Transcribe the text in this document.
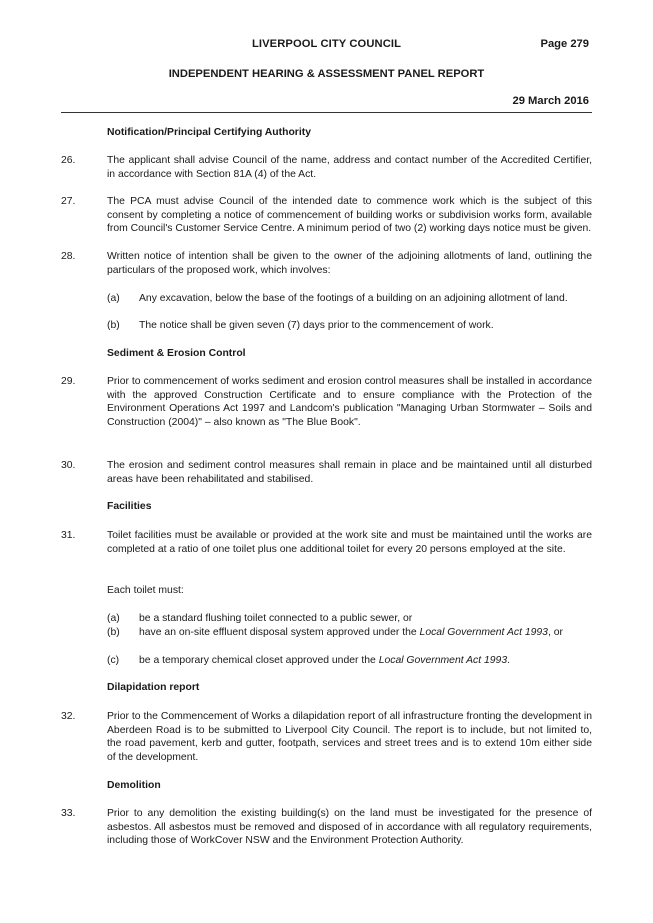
LIVERPOOL CITY COUNCIL	Page 279
INDEPENDENT HEARING & ASSESSMENT PANEL REPORT
29 March 2016
Notification/Principal Certifying Authority
26.	The applicant shall advise Council of the name, address and contact number of the Accredited Certifier, in accordance with Section 81A (4) of the Act.
27.	The PCA must advise Council of the intended date to commence work which is the subject of this consent by completing a notice of commencement of building works or subdivision works form, available from Council's Customer Service Centre. A minimum period of two (2) working days notice must be given.
28.	Written notice of intention shall be given to the owner of the adjoining allotments of land, outlining the particulars of the proposed work, which involves:
(a)	Any excavation, below the base of the footings of a building on an adjoining allotment of land.
(b)	The notice shall be given seven (7) days prior to the commencement of work.
Sediment & Erosion Control
29.	Prior to commencement of works sediment and erosion control measures shall be installed in accordance with the approved Construction Certificate and to ensure compliance with the Protection of the Environment Operations Act 1997 and Landcom's publication "Managing Urban Stormwater – Soils and Construction (2004)" – also known as "The Blue Book".
30.	The erosion and sediment control measures shall remain in place and be maintained until all disturbed areas have been rehabilitated and stabilised.
Facilities
31.	Toilet facilities must be available or provided at the work site and must be maintained until the works are completed at a ratio of one toilet plus one additional toilet for every 20 persons employed at the site.
Each toilet must:
(a)	be a standard flushing toilet connected to a public sewer, or
(b)	have an on-site effluent disposal system approved under the Local Government Act 1993, or
(c)	be a temporary chemical closet approved under the Local Government Act 1993.
Dilapidation report
32.	Prior to the Commencement of Works a dilapidation report of all infrastructure fronting the development in Aberdeen Road is to be submitted to Liverpool City Council. The report is to include, but not limited to, the road pavement, kerb and gutter, footpath, services and street trees and is to extend 10m either side of the development.
Demolition
33.	Prior to any demolition the existing building(s) on the land must be investigated for the presence of asbestos. All asbestos must be removed and disposed of in accordance with all regulatory requirements, including those of WorkCover NSW and the Environment Protection Authority.
